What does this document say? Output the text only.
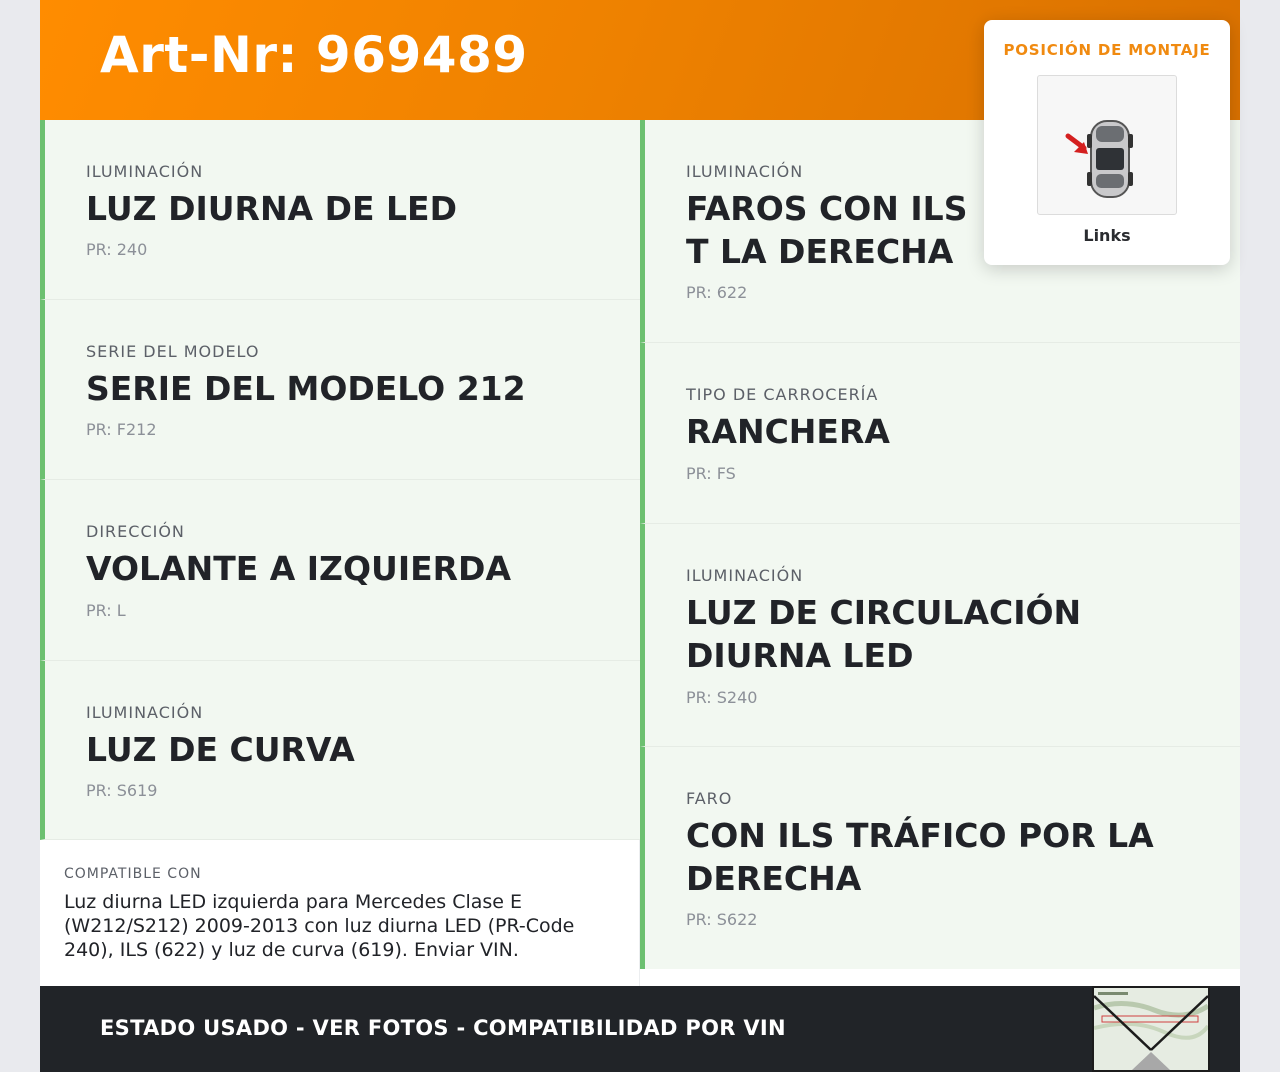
Art-Nr: 969489
ILUMINACIÓN
LUZ DIURNA DE LED
PR: 240
SERIE DEL MODELO
SERIE DEL MODELO 212
PR: F212
DIRECCIÓN
VOLANTE A IZQUIERDA
PR: L
ILUMINACIÓN
LUZ DE CURVA
PR: S619
COMPATIBLE CON
Luz diurna LED izquierda para Mercedes Clase E (W212/S212) 2009-2013 con luz diurna LED (PR-Code 240), ILS (622) y luz de curva (619). Enviar VIN.
ILUMINACIÓN
FAROS CON ILS T LA DERECHA
PR: 622
TIPO DE CARROCERÍA
RANCHERA
PR: FS
ILUMINACIÓN
LUZ DE CIRCULACIÓN DIURNA LED
PR: S240
FARO
CON ILS TRÁFICO POR LA DERECHA
PR: S622
ESTADO USADO - VER FOTOS - COMPATIBILIDAD POR VIN
POSICIÓN DE MONTAJE
Links
